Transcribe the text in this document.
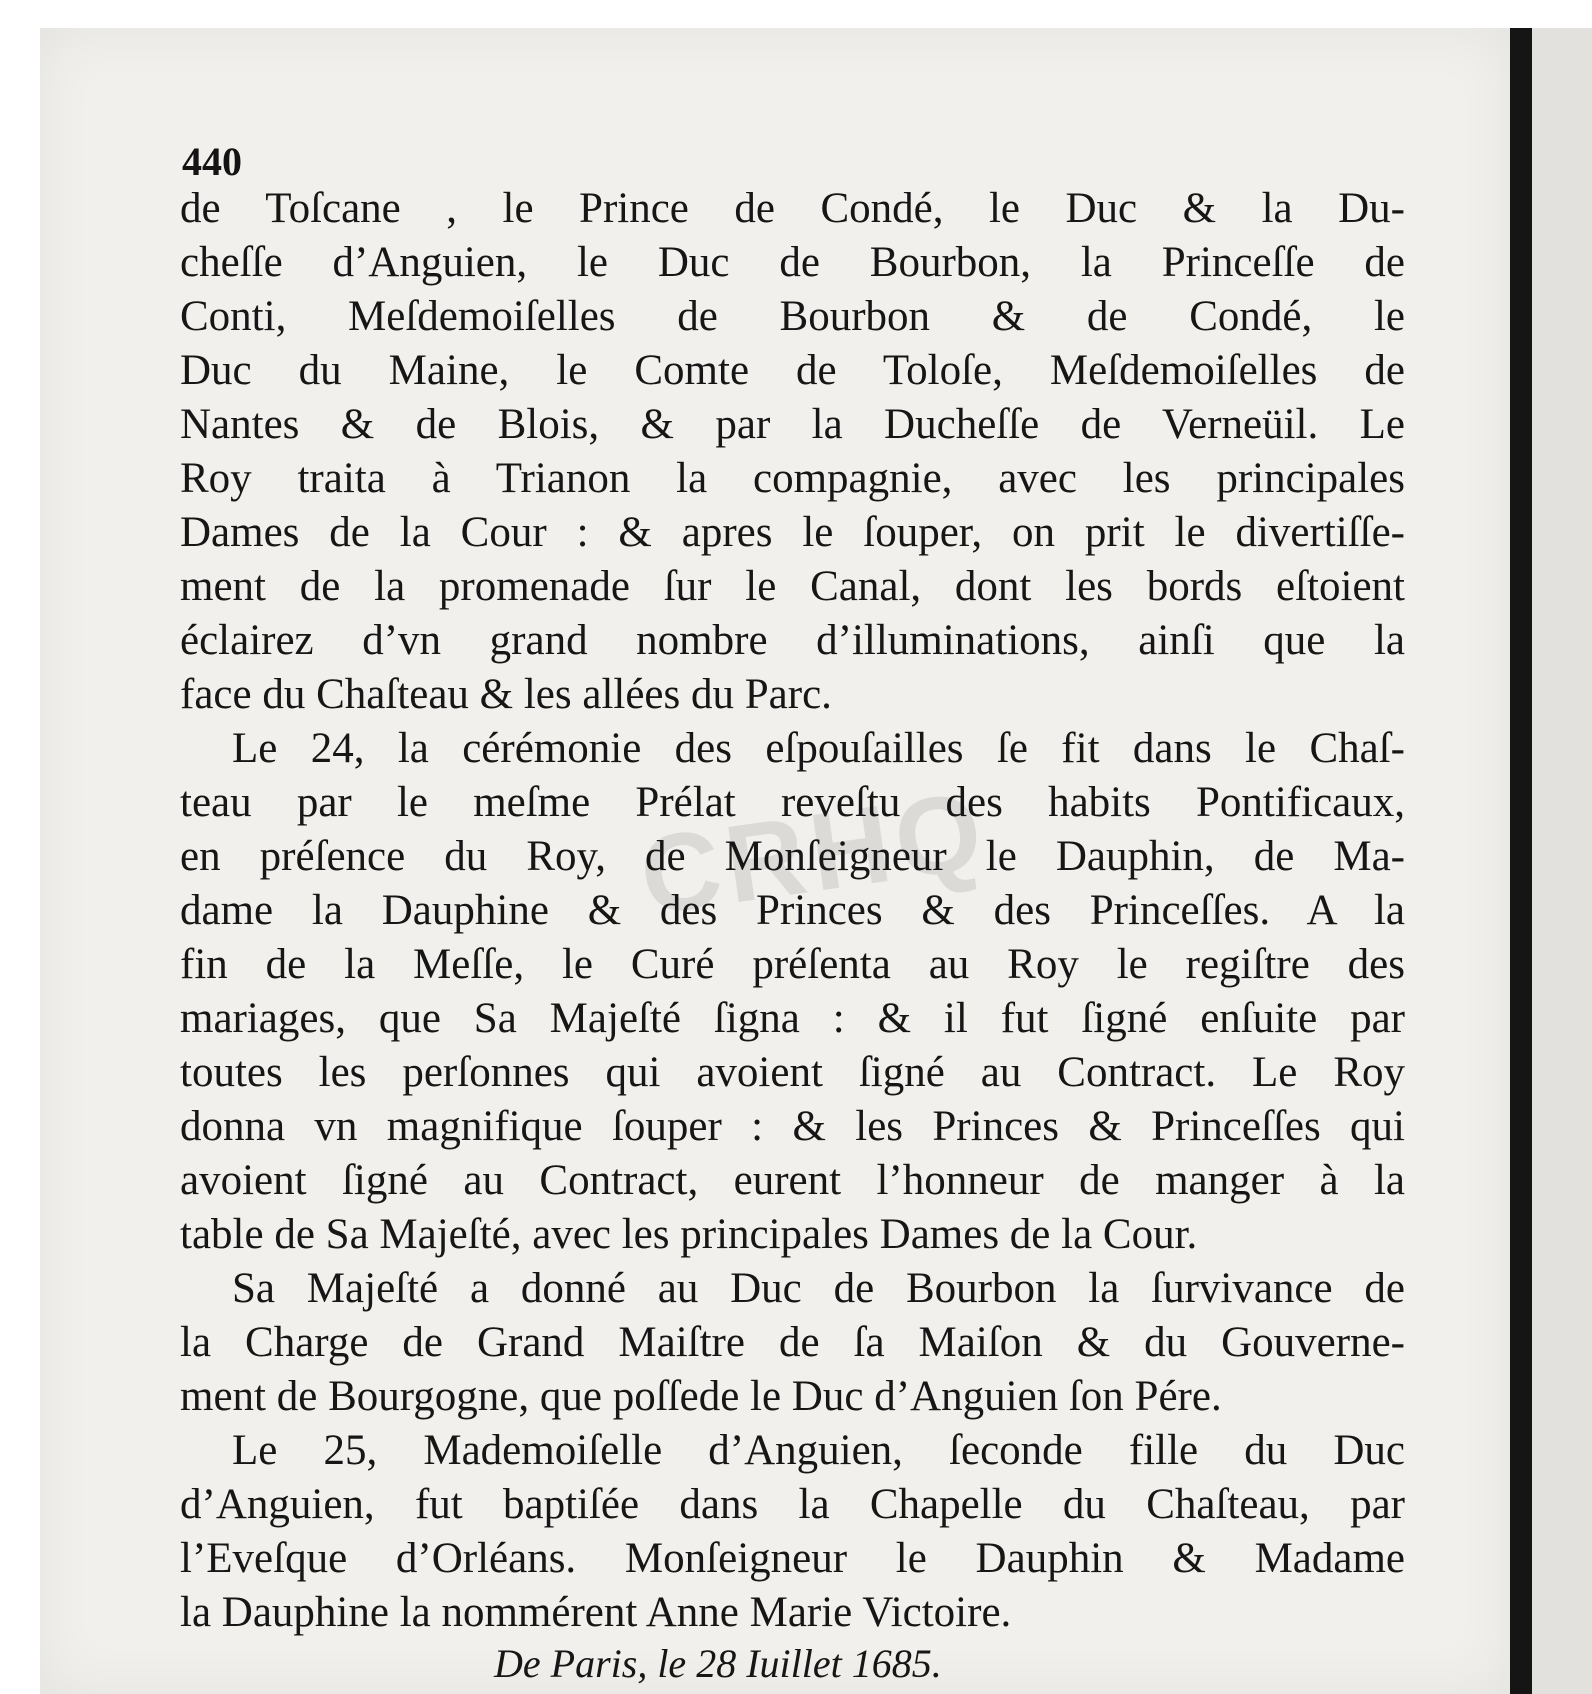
CRHQ
440
de Toſcane , le Prince de Condé, le Duc & la Du-
cheſſe d’Anguien, le Duc de Bourbon, la Princeſſe de
Conti, Meſdemoiſelles de Bourbon & de Condé, le
Duc du Maine, le Comte de Toloſe, Meſdemoiſelles de
Nantes & de Blois, & par la Ducheſſe de Verneüil. Le
Roy traita à Trianon la compagnie, avec les principales
Dames de la Cour : & apres le ſouper, on prit le divertiſſe-
ment de la promenade ſur le Canal, dont les bords eſtoient
éclairez d’vn grand nombre d’illuminations, ainſi que la
face du Chaſteau & les allées du Parc.
Le 24, la cérémonie des eſpouſailles ſe fit dans le Chaſ-
teau par le meſme Prélat reveſtu des habits Pontificaux,
en préſence du Roy, de Monſeigneur le Dauphin, de Ma-
dame la Dauphine & des Princes & des Princeſſes. A la
fin de la Meſſe, le Curé préſenta au Roy le regiſtre des
mariages, que Sa Majeſté ſigna : & il fut ſigné enſuite par
toutes les perſonnes qui avoient ſigné au Contract. Le Roy
donna vn magnifique ſouper : & les Princes & Princeſſes qui
avoient ſigné au Contract, eurent l’honneur de manger à la
table de Sa Majeſté, avec les principales Dames de la Cour.
Sa Majeſté a donné au Duc de Bourbon la ſurvivance de
la Charge de Grand Maiſtre de ſa Maiſon & du Gouverne-
ment de Bourgogne, que poſſede le Duc d’Anguien ſon Pére.
Le 25, Mademoiſelle d’Anguien, ſeconde fille du Duc
d’Anguien, fut baptiſée dans la Chapelle du Chaſteau, par
l’Eveſque d’Orléans. Monſeigneur le Dauphin & Madame
la Dauphine la nommérent Anne Marie Victoire.
De Paris, le 28 Iuillet 1685.
